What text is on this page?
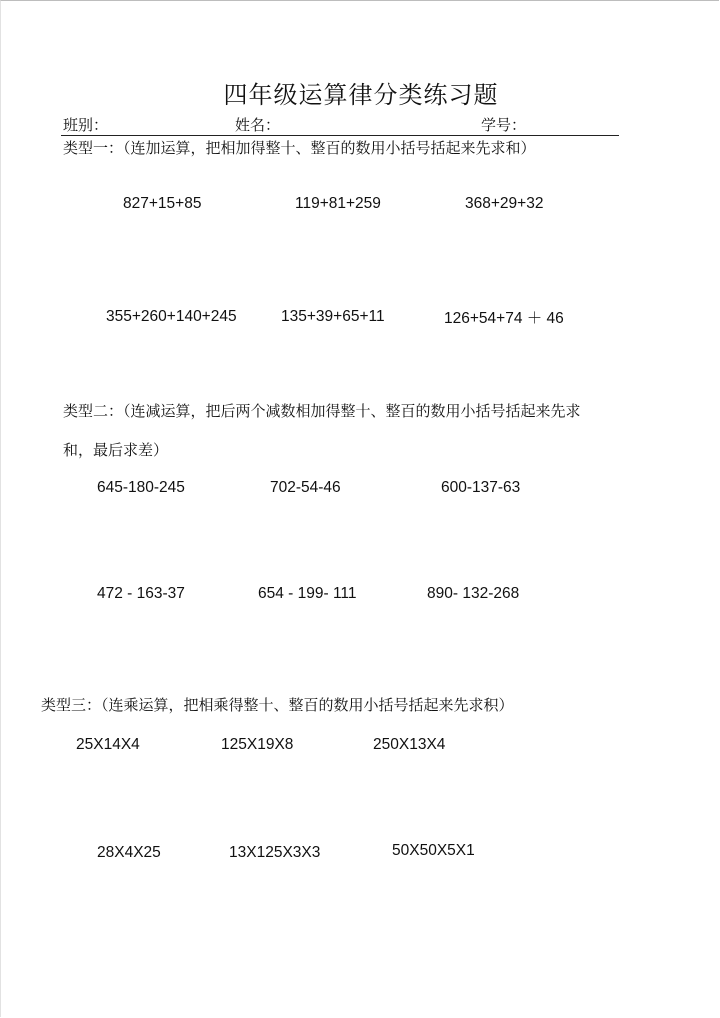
四年级运算律分类练习题
班别：	姓名：	学号：
类型一：（连加运算，把相加得整十、整百的数用小括号括起来先求和）
827+15+85	119+81+259	368+29+32
355+260+140+245	135+39+65+11	126+54+74 ＋ 46
类型二：（连减运算，把后两个减数相加得整十、整百的数用小括号括起来先求
和，最后求差）
645-180-245	702-54-46	600-137-63
472 - 163-37	654 - 199- 111	890- 132-268
类型三：（连乘运算，把相乘得整十、整百的数用小括号括起来先求积）
25X14X4	125X19X8	250X13X4
28X4X25	13X125X3X3	50X50X5X1
